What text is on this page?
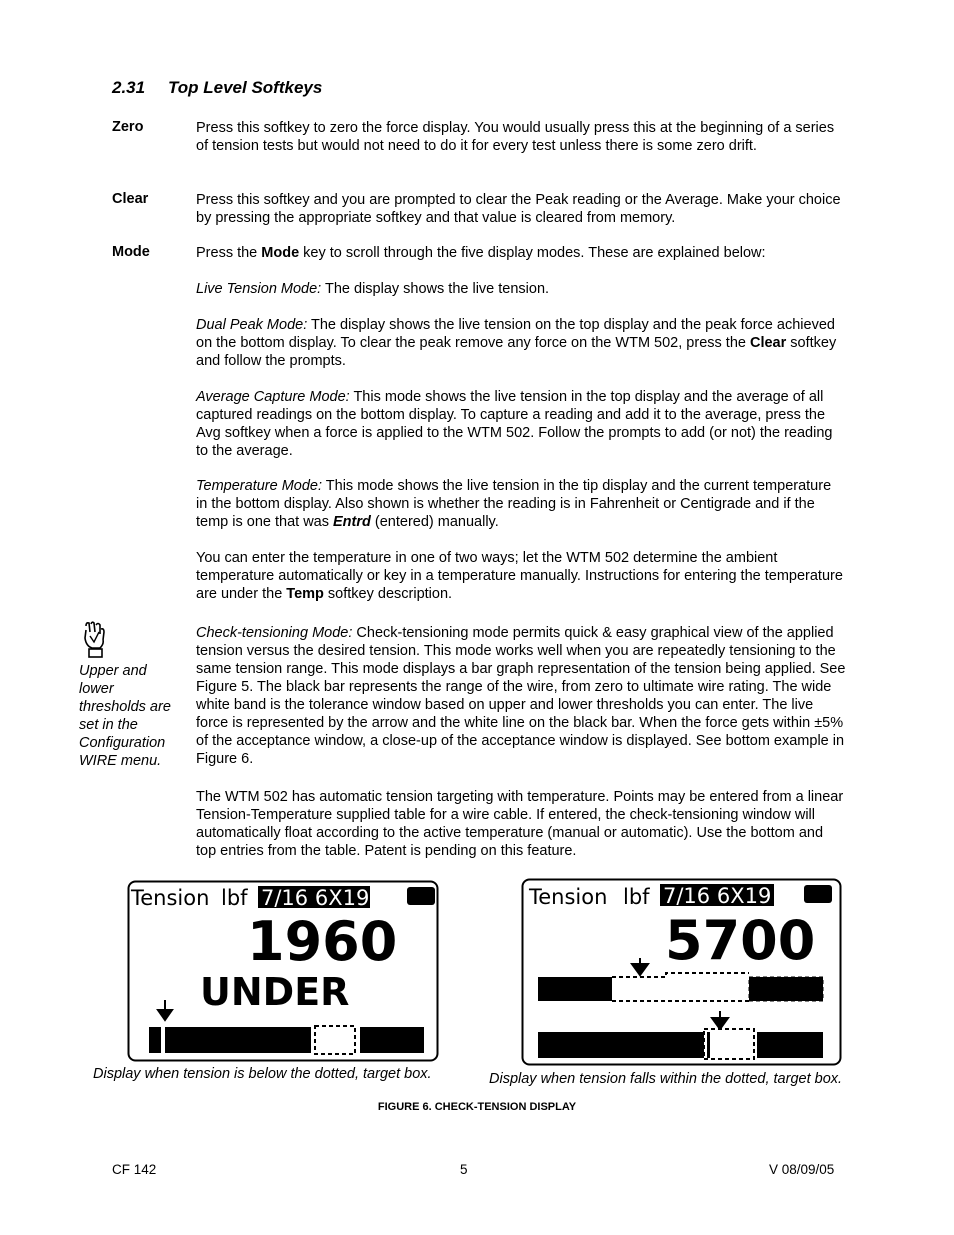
2.31 Top Level Softkeys
Zero	Press this softkey to zero the force display. You would usually press this at the beginning of a series of tension tests but would not need to do it for every test unless there is some zero drift.
Clear	Press this softkey and you are prompted to clear the Peak reading or the Average. Make your choice by pressing the appropriate softkey and that value is cleared from memory.
Mode	Press the Mode key to scroll through the five display modes. These are explained below:
Live Tension Mode: The display shows the live tension.
Dual Peak Mode: The display shows the live tension on the top display and the peak force achieved on the bottom display. To clear the peak remove any force on the WTM 502, press the Clear softkey and follow the prompts.
Average Capture Mode: This mode shows the live tension in the top display and the average of all captured readings on the bottom display. To capture a reading and add it to the average, press the Avg softkey when a force is applied to the WTM 502. Follow the prompts to add (or not) the reading to the average.
Temperature Mode: This mode shows the live tension in the tip display and the current temperature in the bottom display. Also shown is whether the reading is in Fahrenheit or Centigrade and if the temp is one that was Entrd (entered) manually.
You can enter the temperature in one of two ways; let the WTM 502 determine the ambient temperature automatically or key in a temperature manually. Instructions for entering the temperature are under the Temp softkey description.
Upper and lower thresholds are set in the Configuration WIRE menu.
Check-tensioning Mode: Check-tensioning mode permits quick & easy graphical view of the applied tension versus the desired tension. This mode works well when you are repeatedly tensioning to the same tension range. This mode displays a bar graph representation of the tension being applied. See Figure 5. The black bar represents the range of the wire, from zero to ultimate wire rating. The wide white band is the tolerance window based on upper and lower thresholds you can enter. The live force is represented by the arrow and the white line on the black bar. When the force gets within ±5% of the acceptance window, a close-up of the acceptance window is displayed. See bottom example in Figure 6.
The WTM 502 has automatic tension targeting with temperature. Points may be entered from a linear Tension-Temperature supplied table for a wire cable. If entered, the check-tensioning window will automatically float according to the active temperature (manual or automatic). Use the bottom and top entries from the table. Patent is pending on this feature.
Tension lbf 7/16 6X19
1960
UNDER
Display when tension is below the dotted, target box.
Tension lbf 7/16 6X19
5700
Display when tension falls within the dotted, target box.
FIGURE 6. CHECK-TENSION DISPLAY
CF 142	5	V 08/09/05
